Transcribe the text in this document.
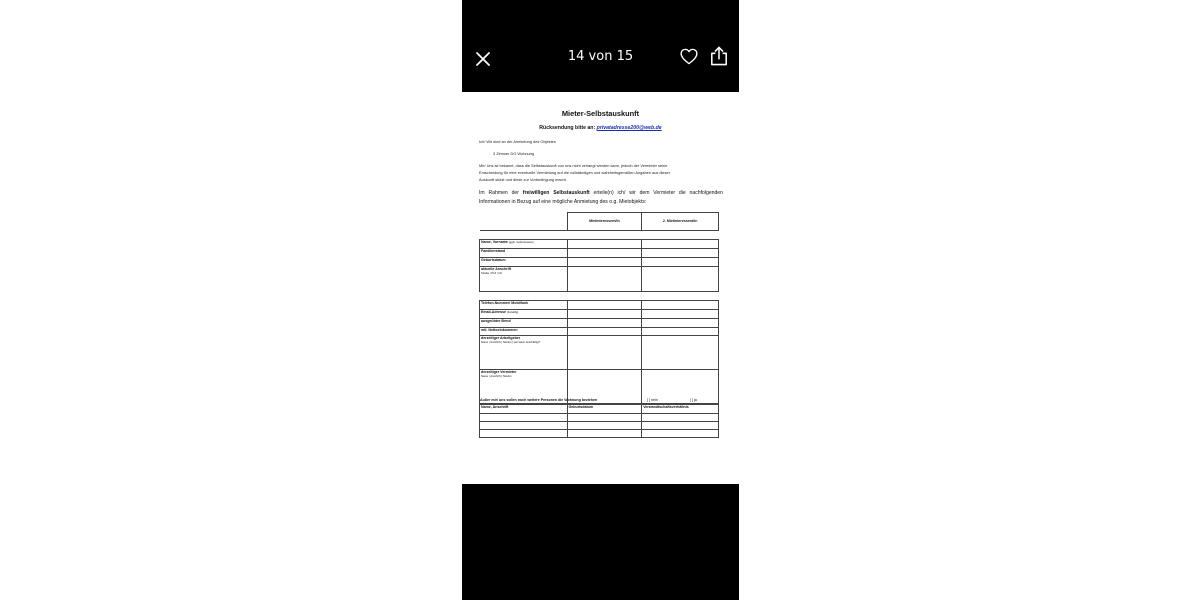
14 von 15
Mieter-Selbstauskunft
Rücksendung bitte an: privatadresse200@web.de
Ich/ Wir sind an der Anmietung des Objektes
3 Zimmer DG Wohnung
Mir/ Uns ist bekannt, dass die Selbstauskunft von uns nicht verlangt werden kann, jedoch der Vermieter seine
Entscheidung für eine eventuelle Vermietung auf die vollständigen und wahrheitsgemäßen Angaben aus dieser
Auskunft stützt und diese zur Vorbedingung macht.
Im Rahmen der freiwilligen Selbstauskunft erteile(n) ich/ wir dem Vermieter die nachfolgenden Informationen in Bezug auf eine mögliche Anmietung des o.g. Mietobjekts:
	Mietinteressent/in	2. Mietinteressent/in

Name, Vorname (ggfs. Geburtsname)		
Familienstand		
Geburtsdatum		
aktuelle Anschrift
Straße | PLZ | Ort		

Telefon-Nummer/ Mobilfunk		
Email-Adresse (freiwillig)		
ausgeübter Beruf		
mtl. Nettoeinkommen		
derzeitiger Arbeitgeber
Name | Anschrift | Telefon | seit wann beschäftigt?		
derzeitiger Vermieter
Name | Anschrift | Telefon		
Außer mir/ uns sollen noch weitere Personen die Wohnung beziehen	[ ] nein	[ ] ja
Name, Anschrift	Geburtsdatum	Verwandtschaftsverhältnis
